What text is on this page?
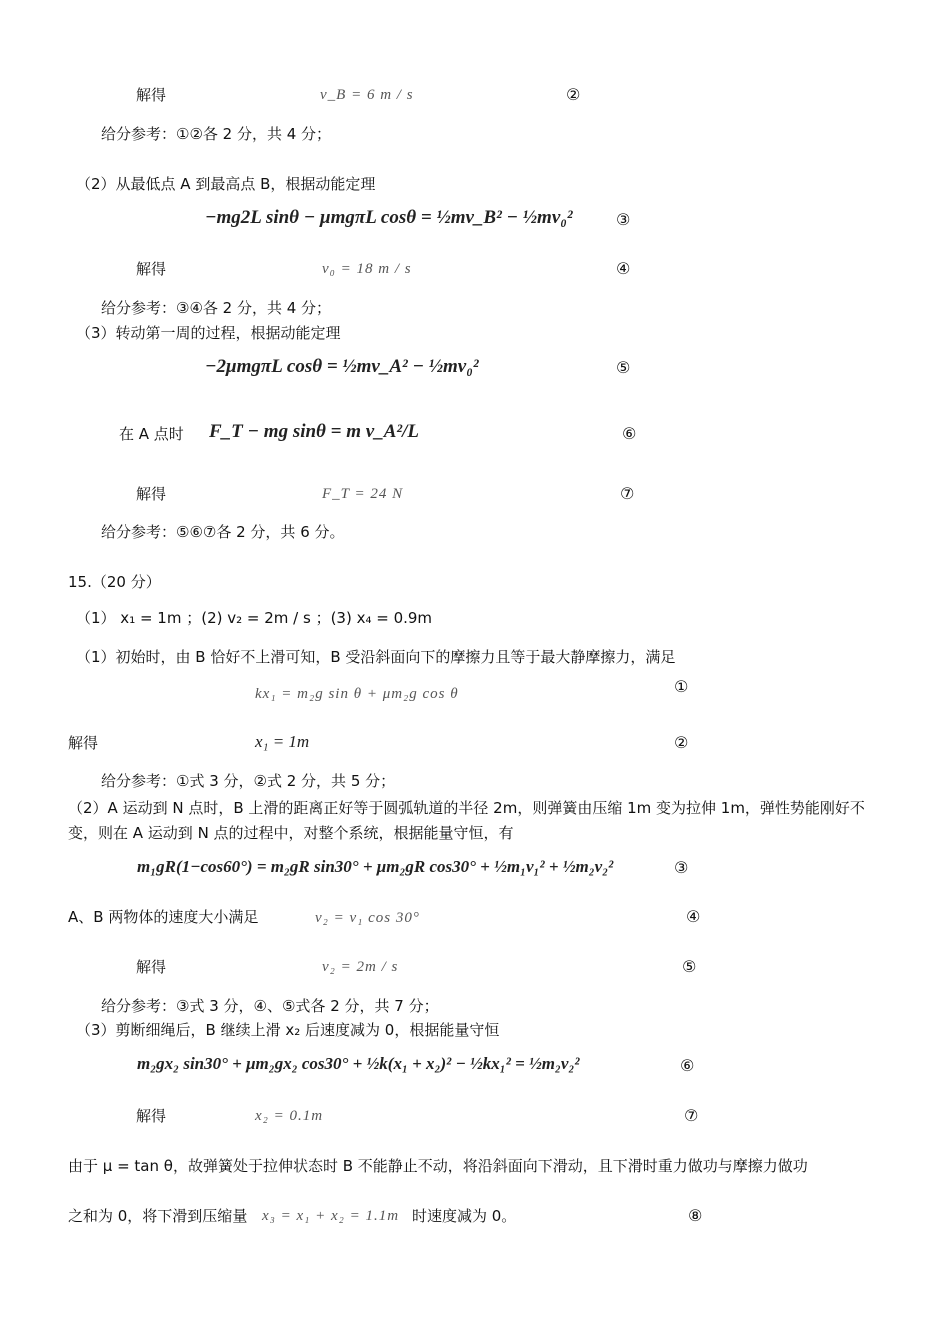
解得	v_B = 6 m / s	②
给分参考：①②各 2 分，共 4 分；
（2）从最低点 A 到最高点 B，根据动能定理
−mg2L sinθ − μmgπL cosθ = ½mv_B² − ½mv₀²	③
解得	v₀ = 18 m / s	④
给分参考：③④各 2 分，共 4 分；
（3）转动第一周的过程，根据动能定理
−2μmgπL cosθ = ½mv_A² − ½mv₀²	⑤
在 A 点时 F_T − mg sinθ = m v_A²/L	⑥
解得	F_T = 24 N	⑦
给分参考：⑤⑥⑦各 2 分，共 6 分。
15.（20 分）
（1） x₁ = 1m ；(2) v₂ = 2m / s ；(3) x₄ = 0.9m
（1）初始时，由 B 恰好不上滑可知，B 受沿斜面向下的摩擦力且等于最大静摩擦力，满足
kx₁ = m₂g sin θ + μm₂g cos θ	①
解得	x₁ = 1m	②
给分参考：①式 3 分，②式 2 分，共 5 分；
（2）A 运动到 N 点时，B 上滑的距离正好等于圆弧轨道的半径 2m，则弹簧由压缩 1m 变为拉伸 1m，弹性势能刚好不变，则在 A 运动到 N 点的过程中，对整个系统，根据能量守恒，有
m₁gR(1−cos60°) = m₂gR sin30° + μm₂gR cos30° + ½m₁v₁² + ½m₂v₂²	③
A、B 两物体的速度大小满足	v₂ = v₁ cos 30°	④
解得	v₂ = 2m / s	⑤
给分参考：③式 3 分，④、⑤式各 2 分，共 7 分；
（3）剪断细绳后，B 继续上滑 x₂ 后速度减为 0，根据能量守恒
m₂gx₂ sin30° + μm₂gx₂ cos30° + ½k(x₁ + x₂)² − ½kx₁² = ½m₂v₂²	⑥
解得	x₂ = 0.1m	⑦
由于 μ = tan θ，故弹簧处于拉伸状态时 B 不能静止不动，将沿斜面向下滑动，且下滑时重力做功与摩擦力做功
之和为 0，将下滑到压缩量 x₃ = x₁ + x₂ = 1.1m 时速度减为 0。	⑧
